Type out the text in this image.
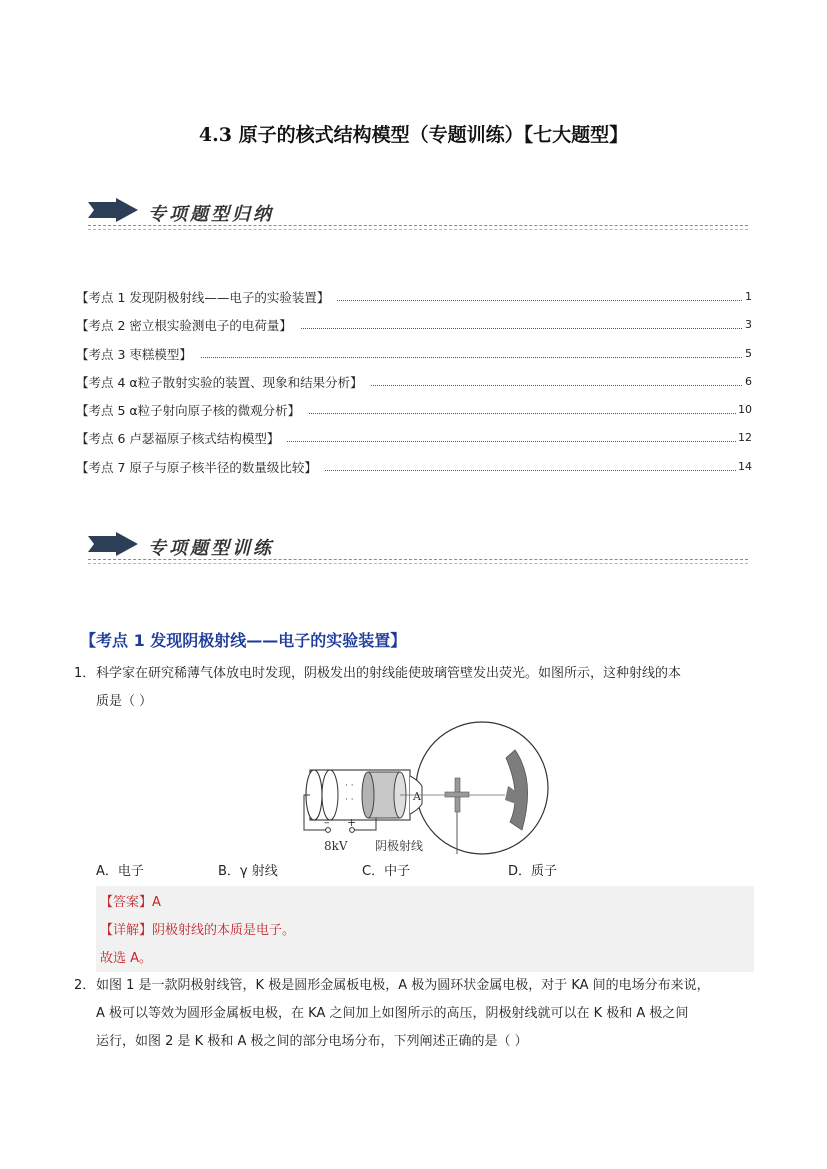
4.3 原子的核式结构模型（专题训练）【七大题型】
专项题型归纳
【考点 1 发现阴极射线——电子的实验装置】	1
【考点 2 密立根实验测电子的电荷量】	3
【考点 3 枣糕模型】	5
【考点 4 α粒子散射实验的装置、现象和结果分析】	6
【考点 5 α粒子射向原子核的微观分析】	10
【考点 6 卢瑟福原子核式结构模型】	12
【考点 7 原子与原子核半径的数量级比较】	14
专项题型训练
【考点 1 发现阴极射线——电子的实验装置】
1． 科学家在研究稀薄气体放电时发现，阴极发出的射线能使玻璃管壁发出荧光。如图所示，这种射线的本
质是（ ）
· ·
· ·	A
– +
8kV 阴极射线
A．电子	B．γ 射线	C．中子	D．质子
【答案】A
【详解】阴极射线的本质是电子。
故选 A。
2． 如图 1 是一款阴极射线管，K 极是圆形金属板电极，A 极为圆环状金属电极，对于 KA 间的电场分布来说，
A 极可以等效为圆形金属板电极，在 KA 之间加上如图所示的高压，阴极射线就可以在 K 极和 A 极之间
运行，如图 2 是 K 极和 A 极之间的部分电场分布，下列阐述正确的是（ ）
